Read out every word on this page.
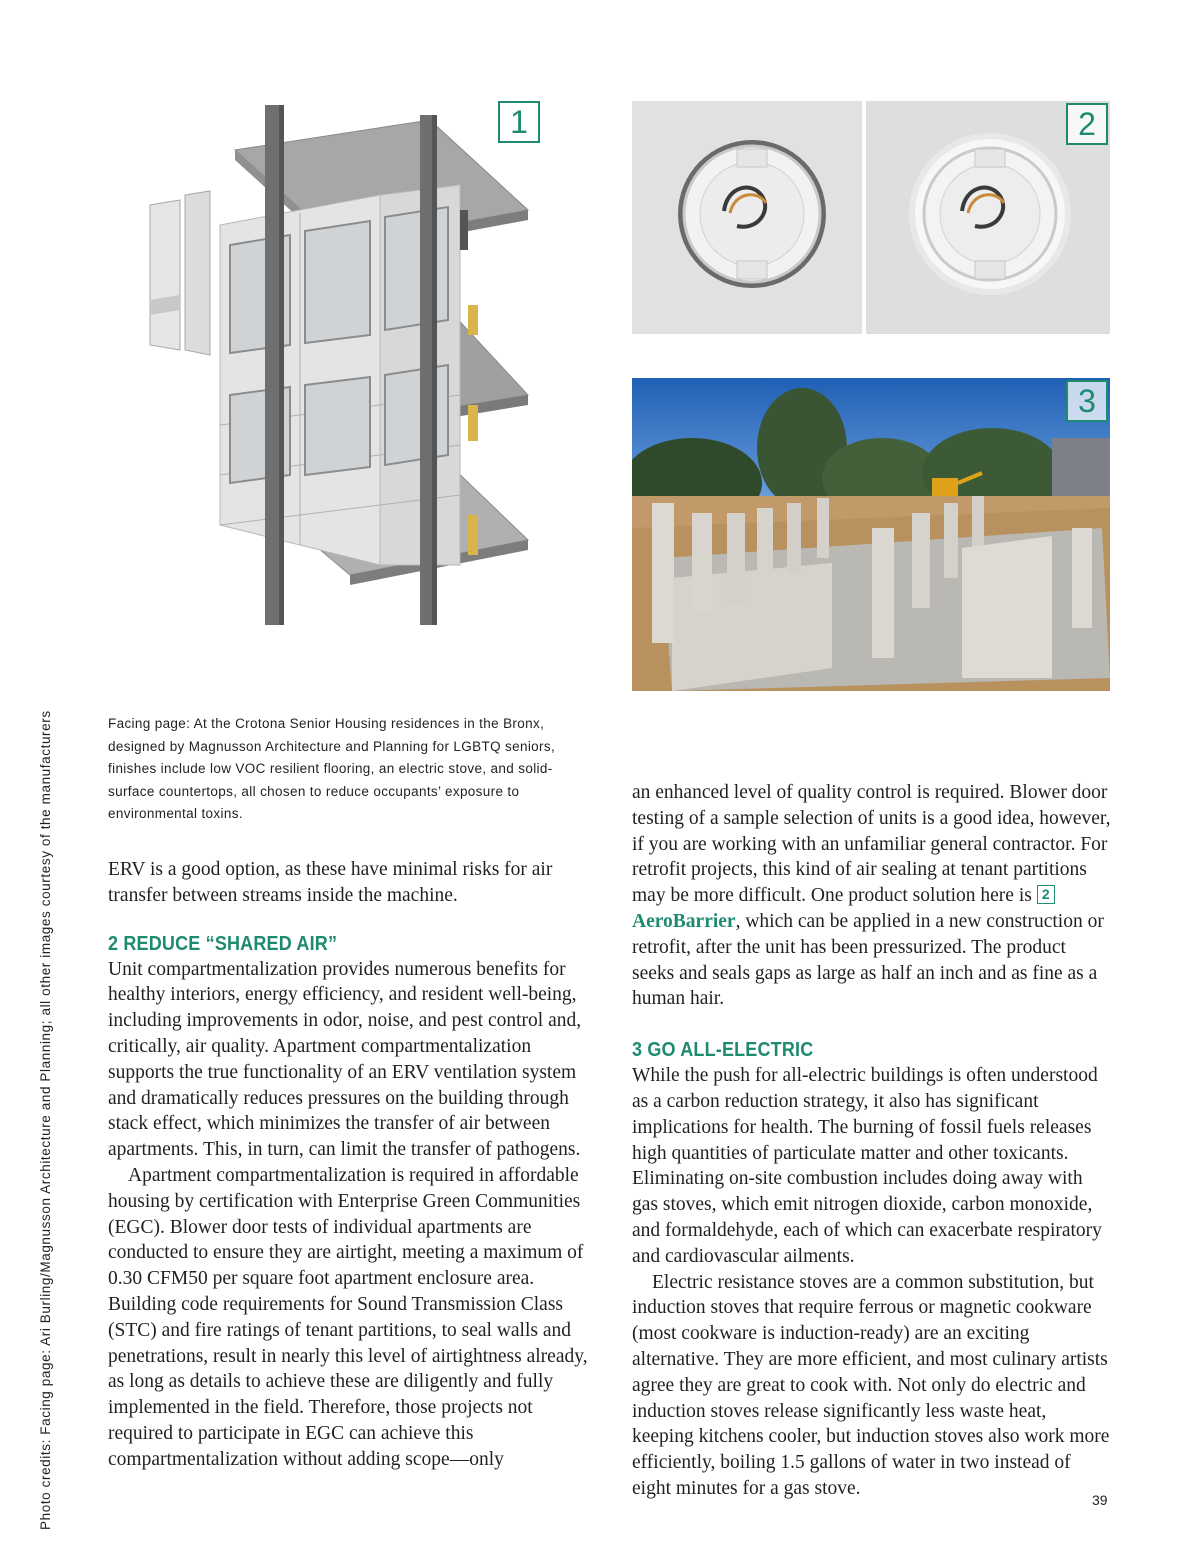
Photo credits: Facing page: Ari Burling/Magnusson Architecture and Planning; all other images courtesy of the manufacturers
1	2
3
Facing page: At the Crotona Senior Housing residences in the Bronx, designed by Magnusson Architecture and Planning for LGBTQ seniors, finishes include low VOC resilient flooring, an electric stove, and solid-surface countertops, all chosen to reduce occupants’ exposure to environmental toxins.

ERV is a good option, as these have minimal risks for air transfer between streams inside the machine.

2 REDUCE “SHARED AIR”

Unit compartmentalization provides numerous benefits for healthy interiors, energy efficiency, and resident well-being, including improvements in odor, noise, and pest control and, critically, air quality. Apartment compartmentalization supports the true functionality of an ERV ventilation system and dramatically reduces pressures on the building through stack effect, which minimizes the transfer of air between apartments. This, in turn, can limit the transfer of pathogens.

Apartment compartmentalization is required in affordable housing by certification with Enterprise Green Communities (EGC). Blower door tests of individual apartments are conducted to ensure they are airtight, meeting a maximum of 0.30 CFM50 per square foot apartment enclosure area. Building code requirements for Sound Transmission Class (STC) and fire ratings of tenant partitions, to seal walls and penetrations, result in nearly this level of airtightness already, as long as details to achieve these are diligently and fully implemented in the field. Therefore, those projects not required to participate in EGC can achieve this compartmentalization without adding scope—only

an enhanced level of quality control is required. Blower door testing of a sample selection of units is a good idea, however, if you are working with an unfamiliar general contractor. For retrofit projects, this kind of air sealing at tenant partitions may be more difficult. One product solution here is 2AeroBarrier, which can be applied in a new construction or retrofit, after the unit has been pressurized. The product seeks and seals gaps as large as half an inch and as fine as a human hair.

3 GO ALL-ELECTRIC

While the push for all-electric buildings is often understood as a carbon reduction strategy, it also has significant implications for health. The burning of fossil fuels releases high quantities of particulate matter and other toxicants. Eliminating on-site combustion includes doing away with gas stoves, which emit nitrogen dioxide, carbon monoxide, and formaldehyde, each of which can exacerbate respiratory and cardiovascular ailments.

Electric resistance stoves are a common substitution, but induction stoves that require ferrous or magnetic cookware (most cookware is induction-ready) are an exciting alternative. They are more efficient, and most culinary artists agree they are great to cook with. Not only do electric and induction stoves release significantly less waste heat, keeping kitchens cooler, but induction stoves also work more efficiently, boiling 1.5 gallons of water in two instead of eight minutes for a gas stove.

39
